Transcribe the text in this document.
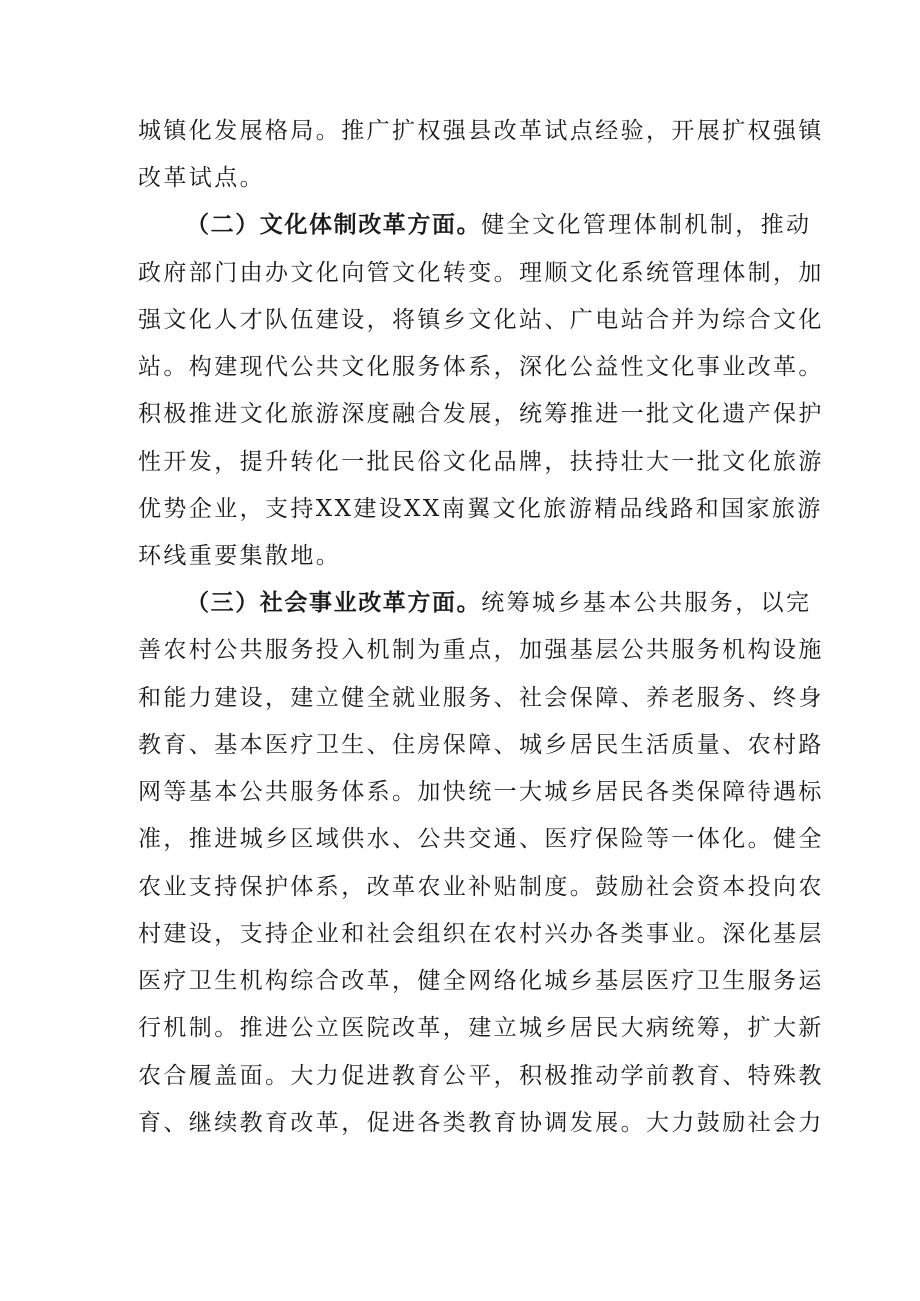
城镇化发展格局。推广扩权强县改革试点经验，开展扩权强镇
改革试点。
（二）文化体制改革方面。健全文化管理体制机制，推动
政府部门由办文化向管文化转变。理顺文化系统管理体制，加
强文化人才队伍建设，将镇乡文化站、广电站合并为综合文化
站。构建现代公共文化服务体系，深化公益性文化事业改革。
积极推进文化旅游深度融合发展，统筹推进一批文化遗产保护
性开发，提升转化一批民俗文化品牌，扶持壮大一批文化旅游
优势企业，支持XX建设XX南翼文化旅游精品线路和国家旅游
环线重要集散地。
（三）社会事业改革方面。统筹城乡基本公共服务，以完
善农村公共服务投入机制为重点，加强基层公共服务机构设施
和能力建设，建立健全就业服务、社会保障、养老服务、终身
教育、基本医疗卫生、住房保障、城乡居民生活质量、农村路
网等基本公共服务体系。加快统一大城乡居民各类保障待遇标
准，推进城乡区域供水、公共交通、医疗保险等一体化。健全
农业支持保护体系，改革农业补贴制度。鼓励社会资本投向农
村建设，支持企业和社会组织在农村兴办各类事业。深化基层
医疗卫生机构综合改革，健全网络化城乡基层医疗卫生服务运
行机制。推进公立医院改革，建立城乡居民大病统筹，扩大新
农合履盖面。大力促进教育公平，积极推动学前教育、特殊教
育、继续教育改革，促进各类教育协调发展。大力鼓励社会力
